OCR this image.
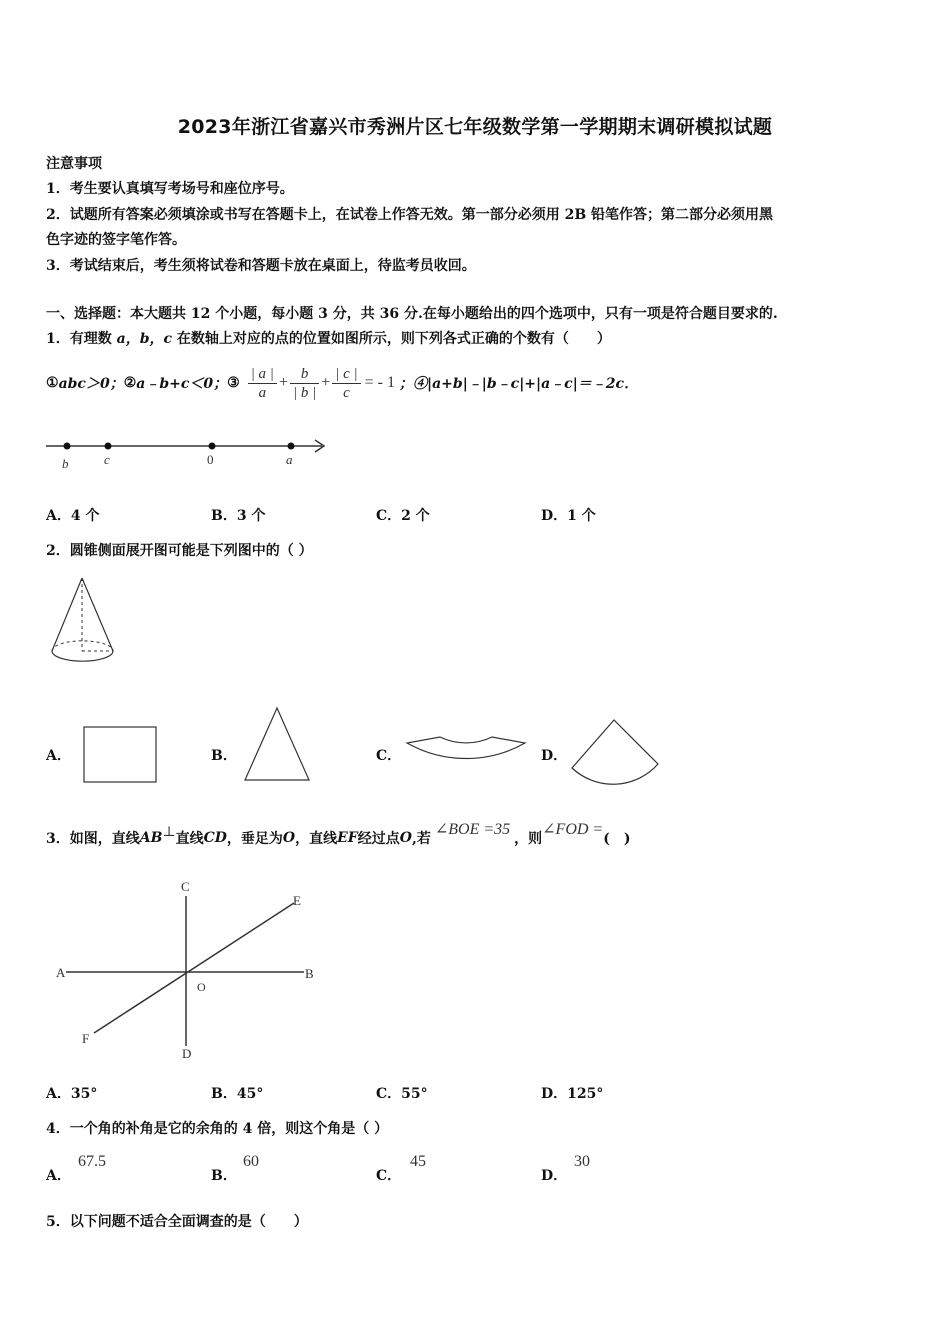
2023年浙江省嘉兴市秀洲片区七年级数学第一学期期末调研模拟试题
注意事项
1．考生要认真填写考场号和座位序号。
2．试题所有答案必须填涂或书写在答题卡上，在试卷上作答无效。第一部分必须用 2B 铅笔作答；第二部分必须用黑
色字迹的签字笔作答。
3．考试结束后，考生须将试卷和答题卡放在桌面上，待监考员收回。
一、选择题：本大题共 12 个小题，每小题 3 分，共 36 分.在每小题给出的四个选项中，只有一项是符合题目要求的.
1．有理数 a，b，c 在数轴上对应的点的位置如图所示，则下列各式正确的个数有（　　）
① abc＞0； ② a﹣b+c＜0； ③ $\frac{| a |}{a} + \frac{b}{| b |} + \frac{| c |}{c}$ = - 1 ；④|a+b|﹣|b﹣c|+|a﹣c|＝﹣2c．
b	c	0	a
A．4 个	B．3 个	C．2 个	D．1 个
2．圆锥侧面展开图可能是下列图中的（ ）
A．	B．	C．	D．
3．如图，直线 AB ⊥ 直线 CD ，垂足为 O ，直线 EF 经过点 O ,若
∠BOE =35
，则
∠FOD =
(　)
C
E
A	B
O
F
D
A．35°	B．45°	C．55°	D．125°
4．一个角的补角是它的余角的 4 倍，则这个角是（ ）
A．
67.5
B．
60
C．
45
D．
30
5．以下问题不适合全面调查的是（　　）
